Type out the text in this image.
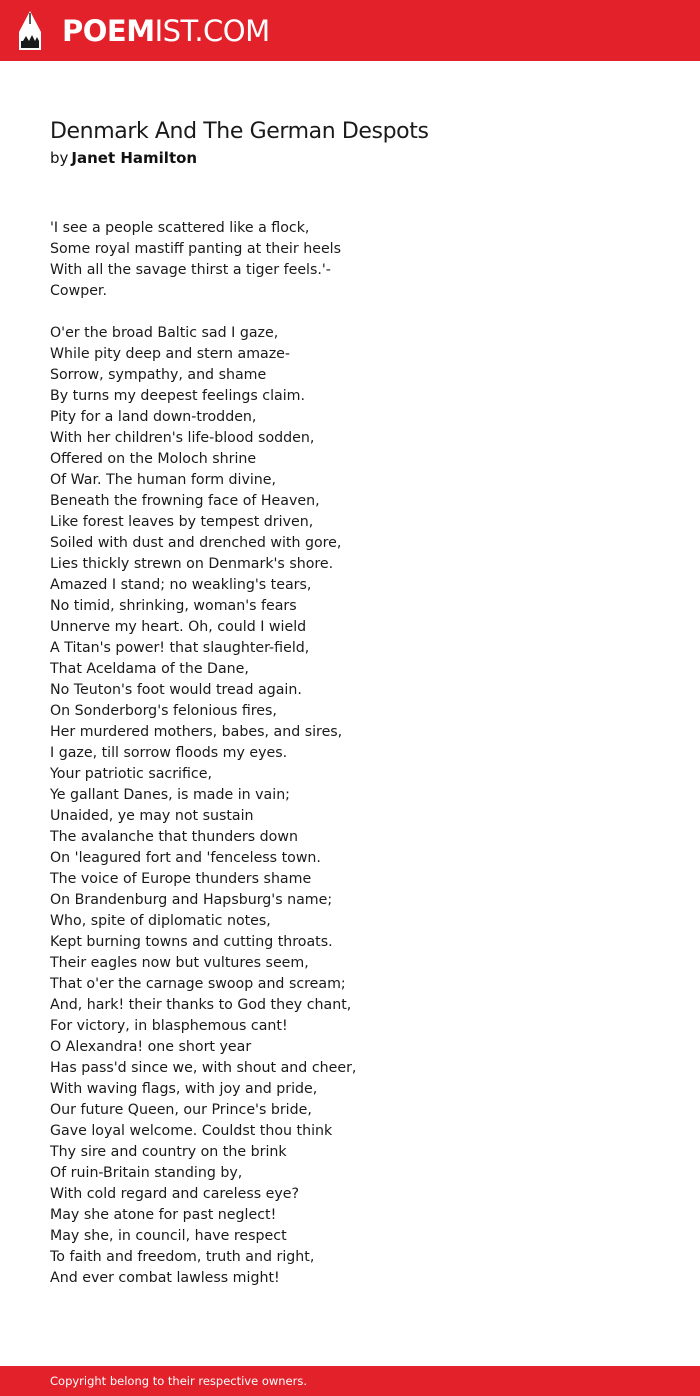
POEMIST.COM
Denmark And The German Despots
by Janet Hamilton
'I see a people scattered like a flock,
Some royal mastiff panting at their heels
With all the savage thirst a tiger feels.'-
Cowper.
O'er the broad Baltic sad I gaze,
While pity deep and stern amaze-
Sorrow, sympathy, and shame
By turns my deepest feelings claim.
Pity for a land down-trodden,
With her children's life-blood sodden,
Offered on the Moloch shrine
Of War. The human form divine,
Beneath the frowning face of Heaven,
Like forest leaves by tempest driven,
Soiled with dust and drenched with gore,
Lies thickly strewn on Denmark's shore.
Amazed I stand; no weakling's tears,
No timid, shrinking, woman's fears
Unnerve my heart. Oh, could I wield
A Titan's power! that slaughter-field,
That Aceldama of the Dane,
No Teuton's foot would tread again.
On Sonderborg's felonious fires,
Her murdered mothers, babes, and sires,
I gaze, till sorrow floods my eyes.
Your patriotic sacrifice,
Ye gallant Danes, is made in vain;
Unaided, ye may not sustain
The avalanche that thunders down
On 'leagured fort and 'fenceless town.
The voice of Europe thunders shame
On Brandenburg and Hapsburg's name;
Who, spite of diplomatic notes,
Kept burning towns and cutting throats.
Their eagles now but vultures seem,
That o'er the carnage swoop and scream;
And, hark! their thanks to God they chant,
For victory, in blasphemous cant!
O Alexandra! one short year
Has pass'd since we, with shout and cheer,
With waving flags, with joy and pride,
Our future Queen, our Prince's bride,
Gave loyal welcome. Couldst thou think
Thy sire and country on the brink
Of ruin-Britain standing by,
With cold regard and careless eye?
May she atone for past neglect!
May she, in council, have respect
To faith and freedom, truth and right,
And ever combat lawless might!
Copyright belong to their respective owners.
